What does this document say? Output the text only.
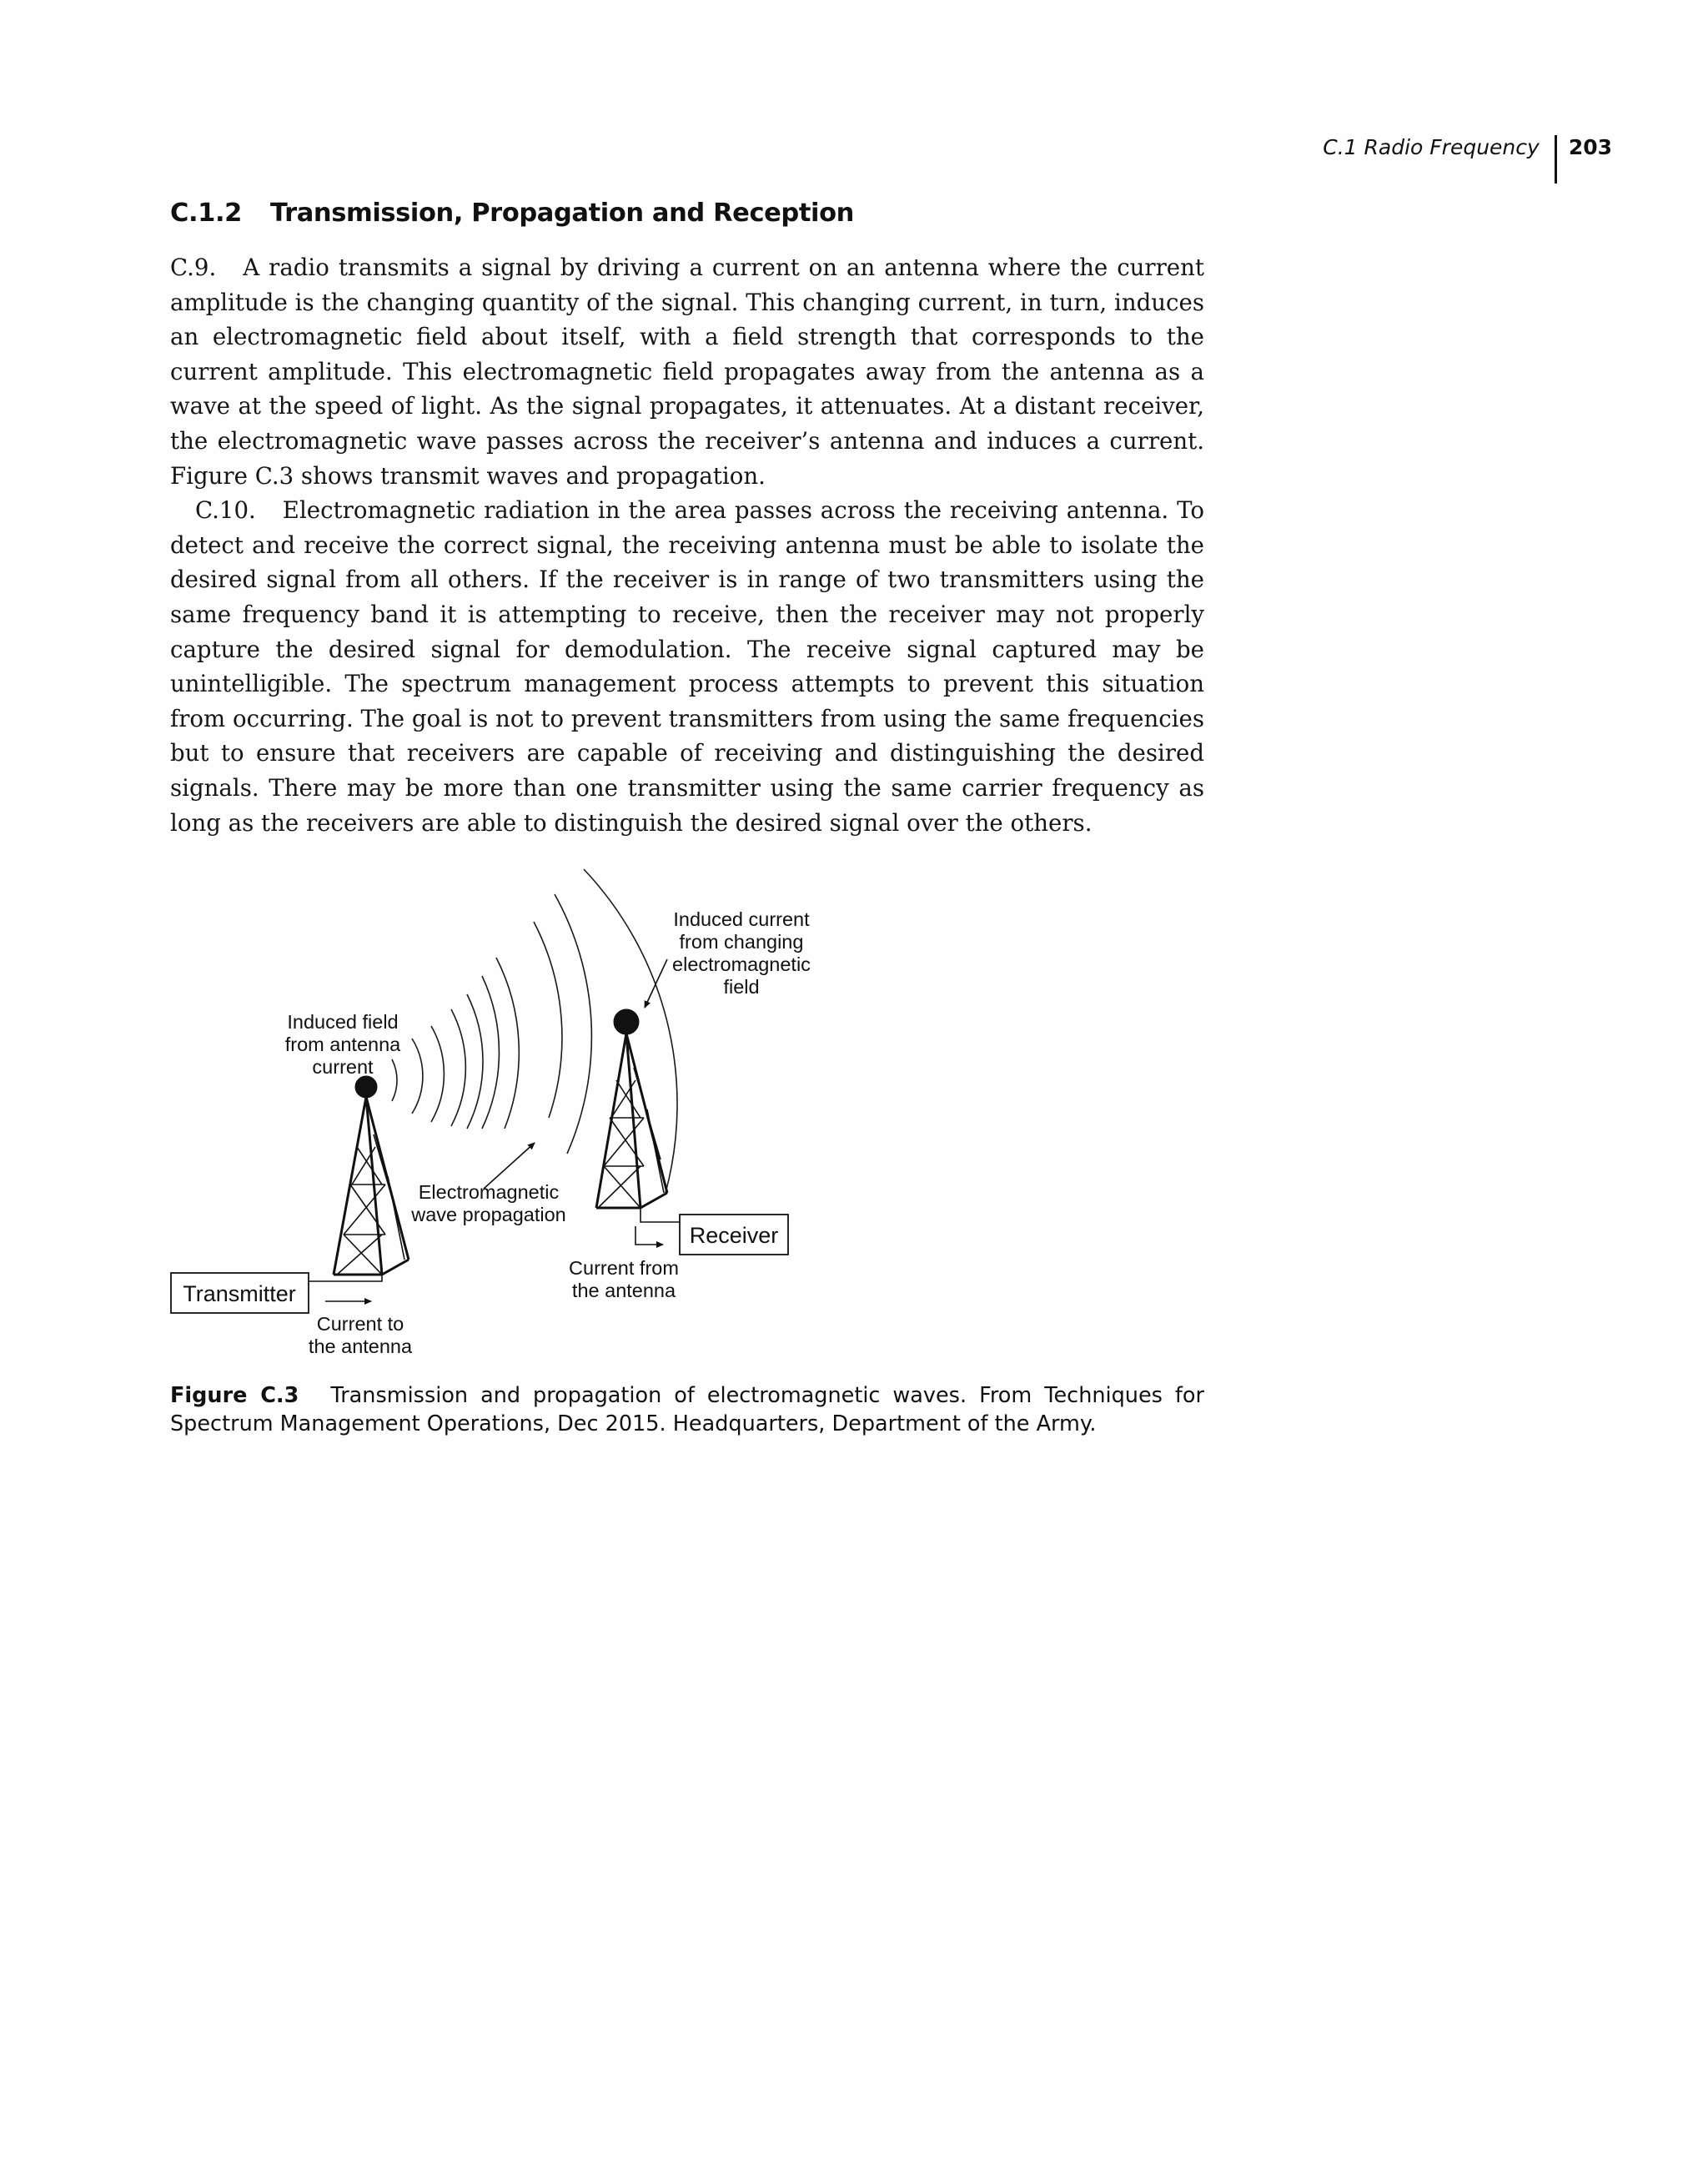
C.1 Radio Frequency	203
C.1.2 Transmission, Propagation and Reception

C.9. A radio transmits a signal by driving a current on an antenna where the current amplitude is the changing quantity of the signal. This changing current, in turn, induces an electromagnetic field about itself, with a field strength that corresponds to the current amplitude. This electromagnetic field propagates away from the antenna as a wave at the speed of light. As the signal propagates, it attenuates. At a distant receiver, the electromagnetic wave passes across the receiver’s antenna and induces a current. Figure C.3 shows transmit waves and propagation.

C.10. Electromagnetic radiation in the area passes across the receiving antenna. To detect and receive the correct signal, the receiving antenna must be able to isolate the desired signal from all others. If the receiver is in range of two transmitters using the same frequency band it is attempting to receive, then the receiver may not properly capture the desired signal for demodulation. The receive signal captured may be unintelligible. The spectrum management process attempts to prevent this situation from occurring. The goal is not to prevent transmitters from using the same frequencies but to ensure that receivers are capable of receiving and distinguishing the desired signals. There may be more than one transmitter using the same carrier frequency as long as the receivers are able to distinguish the desired signal over the others.

Transmitter
Receiver
Induced current
from changing
electromagnetic
field
Induced field
from antenna
current
Electromagnetic
wave propagation
Current from
the antenna
Current to
the antenna
Figure C.3 Transmission and propagation of electromagnetic waves. From Techniques for Spectrum Management Operations, Dec 2015. Headquarters, Department of the Army.
